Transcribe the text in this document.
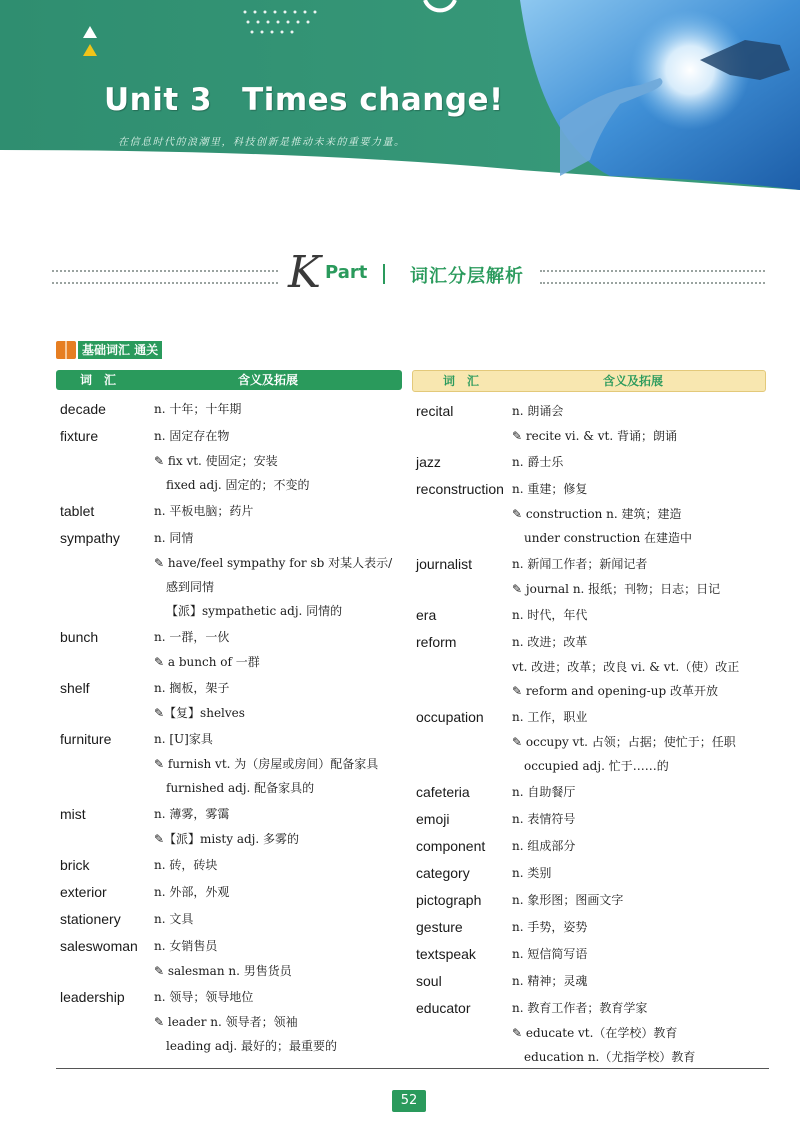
Unit 3 Times change!
在信息时代的浪潮里，科技创新是推动未来的重要力量。
K Part 词汇分层解析
基础词汇 通关
词　汇	含义及拓展
decade	n. 十年；十年期
fixture	n. 固定存在物
✎ fix vt. 使固定；安装
fixed adj. 固定的；不变的
tablet	n. 平板电脑；药片
sympathy	n. 同情
✎ have/feel sympathy for sb 对某人表示/
感到同情
【派】sympathetic adj. 同情的
bunch	n. 一群，一伙
✎ a bunch of 一群
shelf	n. 搁板，架子
✎【复】shelves
furniture	n. [U]家具
✎ furnish vt. 为（房屋或房间）配备家具
furnished adj. 配备家具的
mist	n. 薄雾，雾霭
✎【派】misty adj. 多雾的
brick	n. 砖，砖块
exterior	n. 外部，外观
stationery	n. 文具
saleswoman n. 女销售员
✎ salesman n. 男售货员
leadership n. 领导；领导地位
✎ leader n. 领导者；领袖
leading adj. 最好的；最重要的
词　汇	含义及拓展
recital	n. 朗诵会
✎ recite vi. & vt. 背诵；朗诵
jazz	n. 爵士乐
reconstruction n. 重建；修复
✎ construction n. 建筑；建造
under construction 在建造中
journalist	n. 新闻工作者；新闻记者
✎ journal n. 报纸；刊物；日志；日记
era	n. 时代，年代
reform	n. 改进；改革
vt. 改进；改革；改良 vi. & vt.（使）改正
✎ reform and opening-up 改革开放
occupation n. 工作，职业
✎ occupy vt. 占领；占据；使忙于；任职
occupied adj. 忙于……的
cafeteria	n. 自助餐厅
emoji	n. 表情符号
component n. 组成部分
category	n. 类别
pictograph	n. 象形图；图画文字
gesture	n. 手势，姿势
textspeak	n. 短信简写语
soul	n. 精神；灵魂
educator	n. 教育工作者；教育学家
✎ educate vt.（在学校）教育
education n.（尤指学校）教育
52
